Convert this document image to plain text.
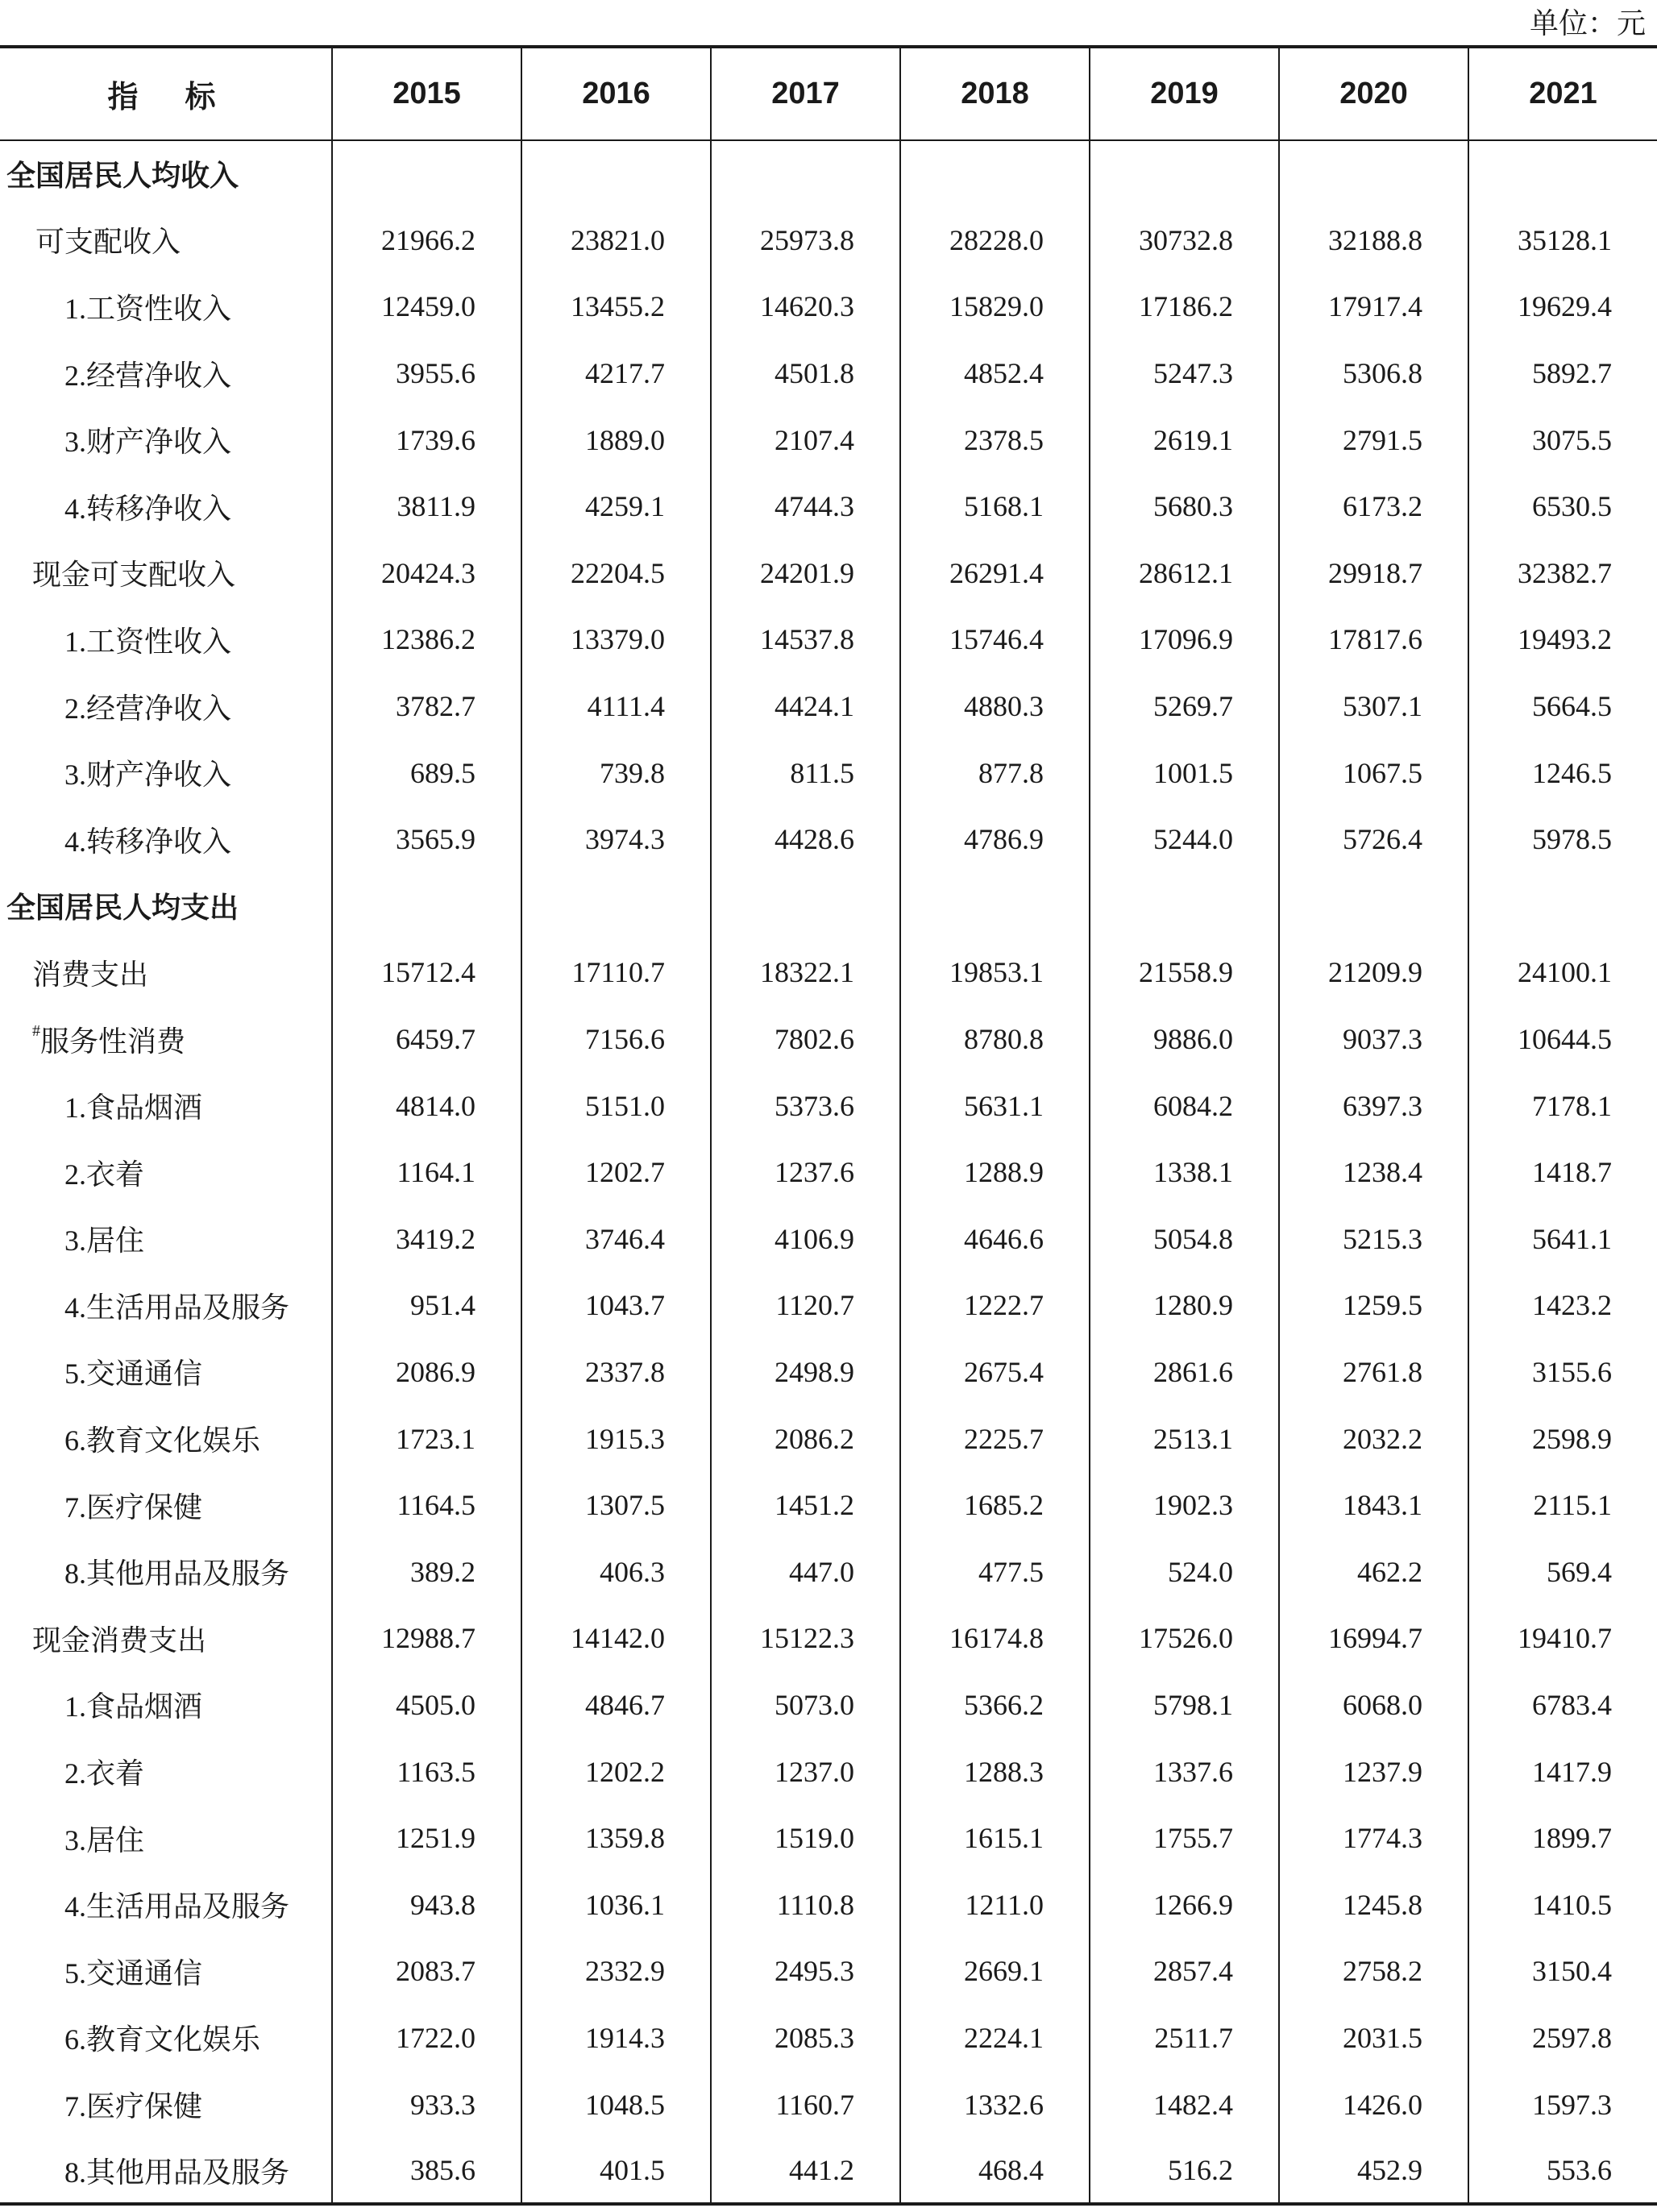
单位：元
指　标	2015	2016	2017	2018	2019	2020	2021
全国居民人均收入							
可支配收入	21966.2	23821.0	25973.8	28228.0	30732.8	32188.8	35128.1
1.工资性收入	12459.0	13455.2	14620.3	15829.0	17186.2	17917.4	19629.4
2.经营净收入	3955.6	4217.7	4501.8	4852.4	5247.3	5306.8	5892.7
3.财产净收入	1739.6	1889.0	2107.4	2378.5	2619.1	2791.5	3075.5
4.转移净收入	3811.9	4259.1	4744.3	5168.1	5680.3	6173.2	6530.5
现金可支配收入	20424.3	22204.5	24201.9	26291.4	28612.1	29918.7	32382.7
1.工资性收入	12386.2	13379.0	14537.8	15746.4	17096.9	17817.6	19493.2
2.经营净收入	3782.7	4111.4	4424.1	4880.3	5269.7	5307.1	5664.5
3.财产净收入	689.5	739.8	811.5	877.8	1001.5	1067.5	1246.5
4.转移净收入	3565.9	3974.3	4428.6	4786.9	5244.0	5726.4	5978.5
全国居民人均支出							
消费支出	15712.4	17110.7	18322.1	19853.1	21558.9	21209.9	24100.1
#服务性消费	6459.7	7156.6	7802.6	8780.8	9886.0	9037.3	10644.5
1.食品烟酒	4814.0	5151.0	5373.6	5631.1	6084.2	6397.3	7178.1
2.衣着	1164.1	1202.7	1237.6	1288.9	1338.1	1238.4	1418.7
3.居住	3419.2	3746.4	4106.9	4646.6	5054.8	5215.3	5641.1
4.生活用品及服务	951.4	1043.7	1120.7	1222.7	1280.9	1259.5	1423.2
5.交通通信	2086.9	2337.8	2498.9	2675.4	2861.6	2761.8	3155.6
6.教育文化娱乐	1723.1	1915.3	2086.2	2225.7	2513.1	2032.2	2598.9
7.医疗保健	1164.5	1307.5	1451.2	1685.2	1902.3	1843.1	2115.1
8.其他用品及服务	389.2	406.3	447.0	477.5	524.0	462.2	569.4
现金消费支出	12988.7	14142.0	15122.3	16174.8	17526.0	16994.7	19410.7
1.食品烟酒	4505.0	4846.7	5073.0	5366.2	5798.1	6068.0	6783.4
2.衣着	1163.5	1202.2	1237.0	1288.3	1337.6	1237.9	1417.9
3.居住	1251.9	1359.8	1519.0	1615.1	1755.7	1774.3	1899.7
4.生活用品及服务	943.8	1036.1	1110.8	1211.0	1266.9	1245.8	1410.5
5.交通通信	2083.7	2332.9	2495.3	2669.1	2857.4	2758.2	3150.4
6.教育文化娱乐	1722.0	1914.3	2085.3	2224.1	2511.7	2031.5	2597.8
7.医疗保健	933.3	1048.5	1160.7	1332.6	1482.4	1426.0	1597.3
8.其他用品及服务	385.6	401.5	441.2	468.4	516.2	452.9	553.6
